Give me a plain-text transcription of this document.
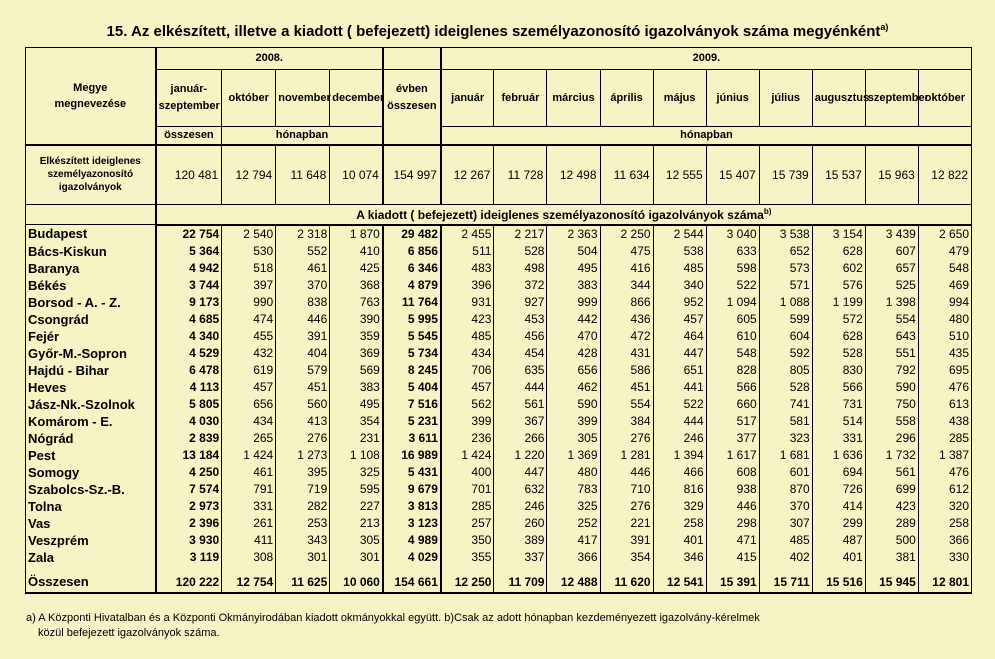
15. Az elkészített, illetve a kiadott ( befejezett) ideiglenes személyazonosító igazolványok száma megyénként$^{a)}$
Megye megnevezése	2008.					2009.									
	január-szeptember	október	november	december	évben összesen	január	február	március	április	május	június	július	augusztus	szeptember	október
	összesen	hónapban				hónapban									
Elkészített ideiglenes személyazonosító igazolványok	120 481	12 794	11 648	10 074	154 997	12 267	11 728	12 498	11 634	12 555	15 407	15 739	15 537	15 963	12 822
	A kiadott ( befejezett) ideiglenes személyazonosító igazolványok száma$^{b)}$
Budapest	22 754	2 540	2 318	1 870	29 482	2 455	2 217	2 363	2 250	2 544	3 040	3 538	3 154	3 439	2 650
Bács-Kiskun	5 364	530	552	410	6 856	511	528	504	475	538	633	652	628	607	479
Baranya	4 942	518	461	425	6 346	483	498	495	416	485	598	573	602	657	548
Békés	3 744	397	370	368	4 879	396	372	383	344	340	522	571	576	525	469
Borsod - A. - Z.	9 173	990	838	763	11 764	931	927	999	866	952	1 094	1 088	1 199	1 398	994
Csongrád	4 685	474	446	390	5 995	423	453	442	436	457	605	599	572	554	480
Fejér	4 340	455	391	359	5 545	485	456	470	472	464	610	604	628	643	510
Győr-M.-Sopron	4 529	432	404	369	5 734	434	454	428	431	447	548	592	528	551	435
Hajdú - Bihar	6 478	619	579	569	8 245	706	635	656	586	651	828	805	830	792	695
Heves	4 113	457	451	383	5 404	457	444	462	451	441	566	528	566	590	476
Jász-Nk.-Szolnok	5 805	656	560	495	7 516	562	561	590	554	522	660	741	731	750	613
Komárom - E.	4 030	434	413	354	5 231	399	367	399	384	444	517	581	514	558	438
Nógrád	2 839	265	276	231	3 611	236	266	305	276	246	377	323	331	296	285
Pest	13 184	1 424	1 273	1 108	16 989	1 424	1 220	1 369	1 281	1 394	1 617	1 681	1 636	1 732	1 387
Somogy	4 250	461	395	325	5 431	400	447	480	446	466	608	601	694	561	476
Szabolcs-Sz.-B.	7 574	791	719	595	9 679	701	632	783	710	816	938	870	726	699	612
Tolna	2 973	331	282	227	3 813	285	246	325	276	329	446	370	414	423	320
Vas	2 396	261	253	213	3 123	257	260	252	221	258	298	307	299	289	258
Veszprém	3 930	411	343	305	4 989	350	389	417	391	401	471	485	487	500	366
Zala	3 119	308	301	301	4 029	355	337	366	354	346	415	402	401	381	330

Összesen	120 222	12 754	11 625	10 060	154 661	12 250	11 709	12 488	11 620	12 541	15 391	15 711	15 516	15 945	12 801
a) A Központi Hivatalban és a Központi Okmányirodában kiadott okmányokkal együtt. b)Csak az adott hónapban kezdeményezett igazolvány-kérelmek
közül befejezett igazolványok száma.
